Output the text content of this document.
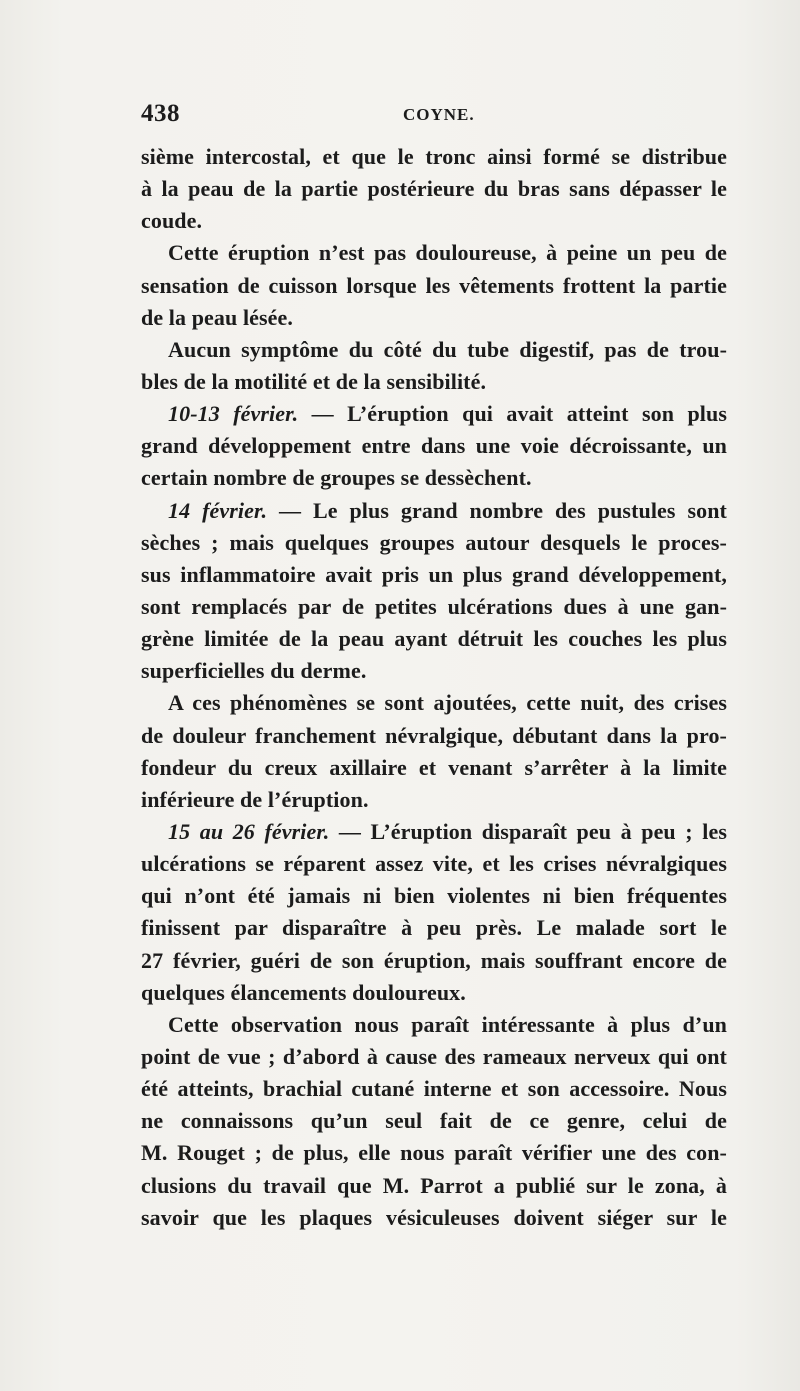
438	COYNE.
sième intercostal, et que le tronc ainsi formé se distribue
à la peau de la partie postérieure du bras sans dépasser le
coude.
Cette éruption n’est pas douloureuse, à peine un peu de
sensation de cuisson lorsque les vêtements frottent la partie
de la peau lésée.
Aucun symptôme du côté du tube digestif, pas de trou-
bles de la motilité et de la sensibilité.
10-13 février. — L’éruption qui avait atteint son plus
grand développement entre dans une voie décroissante, un
certain nombre de groupes se dessèchent.
14 février. — Le plus grand nombre des pustules sont
sèches ; mais quelques groupes autour desquels le proces-
sus inflammatoire avait pris un plus grand développement,
sont remplacés par de petites ulcérations dues à une gan-
grène limitée de la peau ayant détruit les couches les plus
superficielles du derme.
A ces phénomènes se sont ajoutées, cette nuit, des crises
de douleur franchement névralgique, débutant dans la pro-
fondeur du creux axillaire et venant s’arrêter à la limite
inférieure de l’éruption.
15 au 26 février. — L’éruption disparaît peu à peu ; les
ulcérations se réparent assez vite, et les crises névralgiques
qui n’ont été jamais ni bien violentes ni bien fréquentes
finissent par disparaître à peu près. Le malade sort le
27 février, guéri de son éruption, mais souffrant encore de
quelques élancements douloureux.
Cette observation nous paraît intéressante à plus d’un
point de vue ; d’abord à cause des rameaux nerveux qui ont
été atteints, brachial cutané interne et son accessoire. Nous
ne connaissons qu’un seul fait de ce genre, celui de
M. Rouget ; de plus, elle nous paraît vérifier une des con-
clusions du travail que M. Parrot a publié sur le zona, à
savoir que les plaques vésiculeuses doivent siéger sur le
